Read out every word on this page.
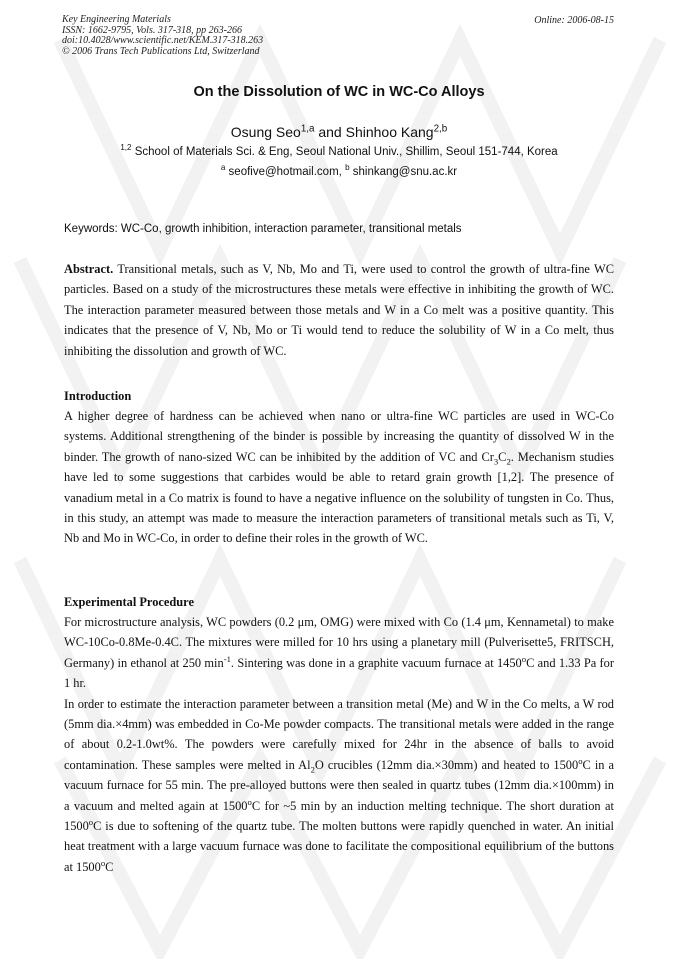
Key Engineering Materials
ISSN: 1662-9795, Vols. 317-318, pp 263-266
doi:10.4028/www.scientific.net/KEM.317-318.263
© 2006 Trans Tech Publications Ltd, Switzerland
Online: 2006-08-15
On the Dissolution of WC in WC-Co Alloys
Osung Seo$^{1,a}$ and Shinhoo Kang$^{2,b}$
$^{1,2}$ School of Materials Sci. & Eng, Seoul National Univ., Shillim, Seoul 151-744, Korea
$^a$ seofive@hotmail.com, $^b$ shinkang@snu.ac.kr
Keywords: WC-Co, growth inhibition, interaction parameter, transitional metals

Abstract. Transitional metals, such as V, Nb, Mo and Ti, were used to control the growth of ultra-fine WC particles. Based on a study of the microstructures these metals were effective in inhibiting the growth of WC. The interaction parameter measured between those metals and W in a Co melt was a positive quantity. This indicates that the presence of V, Nb, Mo or Ti would tend to reduce the solubility of W in a Co melt, thus inhibiting the dissolution and growth of WC.

Introduction

A higher degree of hardness can be achieved when nano or ultra-fine WC particles are used in WC-Co systems. Additional strengthening of the binder is possible by increasing the quantity of dissolved W in the binder. The growth of nano-sized WC can be inhibited by the addition of VC and $Cr_3C_2$. Mechanism studies have led to some suggestions that carbides would be able to retard grain growth [1,2]. The presence of vanadium metal in a Co matrix is found to have a negative influence on the solubility of tungsten in Co. Thus, in this study, an attempt was made to measure the interaction parameters of transitional metals such as Ti, V, Nb and Mo in WC-Co, in order to define their roles in the growth of WC.

Experimental Procedure

For microstructure analysis, WC powders (0.2 μm, OMG) were mixed with Co (1.4 μm, Kennametal) to make WC-10Co-0.8Me-0.4C. The mixtures were milled for 10 hrs using a planetary mill (Pulverisette5, FRITSCH, Germany) in ethanol at 250 $\min^{-1}$. Sintering was done in a graphite vacuum furnace at 1450$^o$C and 1.33 Pa for 1 hr.

In order to estimate the interaction parameter between a transition metal (Me) and W in the Co melts, a W rod (5mm dia.×4mm) was embedded in Co-Me powder compacts. The transitional metals were added in the range of about 0.2-1.0wt%. The powders were carefully mixed for 24hr in the absence of balls to avoid contamination. These samples were melted in $Al_2O$ crucibles (12mm dia.×30mm) and heated to 1500$^o$C in a vacuum furnace for 55 min. The pre-alloyed buttons were then sealed in quartz tubes (12mm dia.×100mm) in a vacuum and melted again at 1500$^o$C for ~5 min by an induction melting technique. The short duration at 1500$^o$C is due to softening of the quartz tube. The molten buttons were rapidly quenched in water. An initial heat treatment with a large vacuum furnace was done to facilitate the compositional equilibrium of the buttons at 1500$^o$C
